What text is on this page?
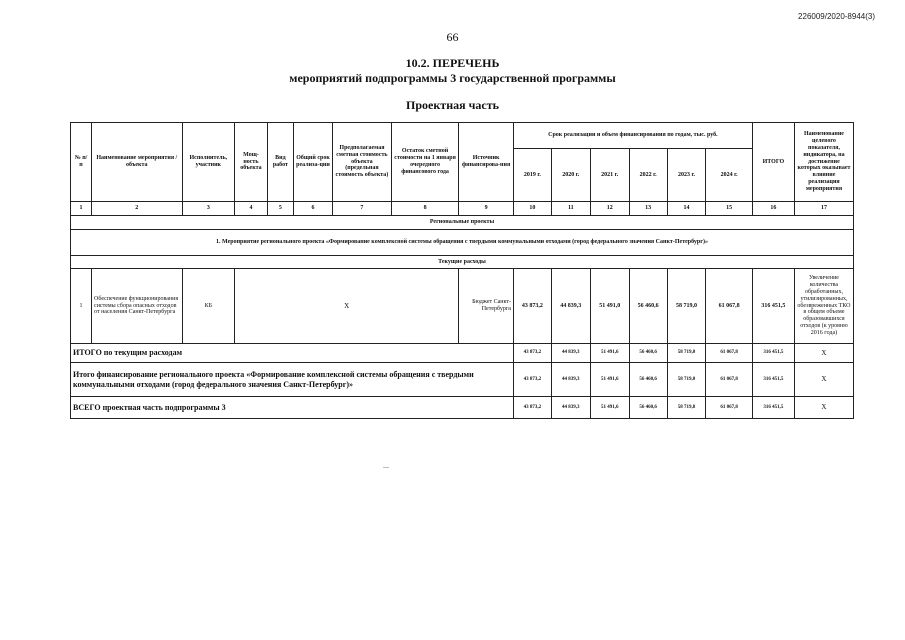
226009/2020-8944(3)
66
10.2. ПЕРЕЧЕНЬ
мероприятий подпрограммы 3 государственной программы
Проектная часть
№ п/п	Наименование мероприятия / объекта	Исполнитель, участник	Мощ-ность объекта	Вид работ	Общий срок реализа-ции	Предполагаемая сметная стоимость объекта (предельная стоимость объекта)	Остаток сметной стоимости на 1 января очередного финансового года	Источник финансирова-ния	Срок реализации и объем финансирования по годам, тыс. руб.						ИТОГО	Наименование целевого показателя, индикатора, на достижение которых оказывает влияние реализация мероприятия
									2019 г.	2020 г.	2021 г.	2022 г.	2023 г.	2024 г.		
1	2	3	4	5	6	7	8	9	10	11	12	13	14	15	16	17
Региональные проекты																
1. Мероприятие регионального проекта «Формирование комплексной системы обращения с твердыми коммунальными отходами (город федерального значения Санкт-Петербург)»																
Текущие расходы																
1	Обеспечение функционирования системы сбора опасных отходов от населения Санкт-Петербурга	КБ	Х					Бюджет Санкт-Петербурга	43 873,2	44 839,3	51 491,0	56 460,6	58 719,0	61 067,8	316 451,5	Увеличение количества обработанных, утилизированных, обезвреженных ТКО в общем объеме образовавшихся отходов (к уровню 2016 года)
ИТОГО по текущим расходам									43 873,2	44 839,3	51 491,6	56 460,6	58 719,0	61 067,8	316 451,5	Х
Итого финансирование регионального проекта «Формирование комплексной системы обращения с твердыми коммунальными отходами (город федерального значения Санкт-Петербург)»									43 873,2	44 839,3	51 491,6	56 460,6	58 719,0	61 067,8	316 451,5	Х
ВСЕГО проектная часть подпрограммы 3									43 873,2	44 839,3	51 491,6	56 460,6	58 719,8	61 067,8	316 451,5	Х
